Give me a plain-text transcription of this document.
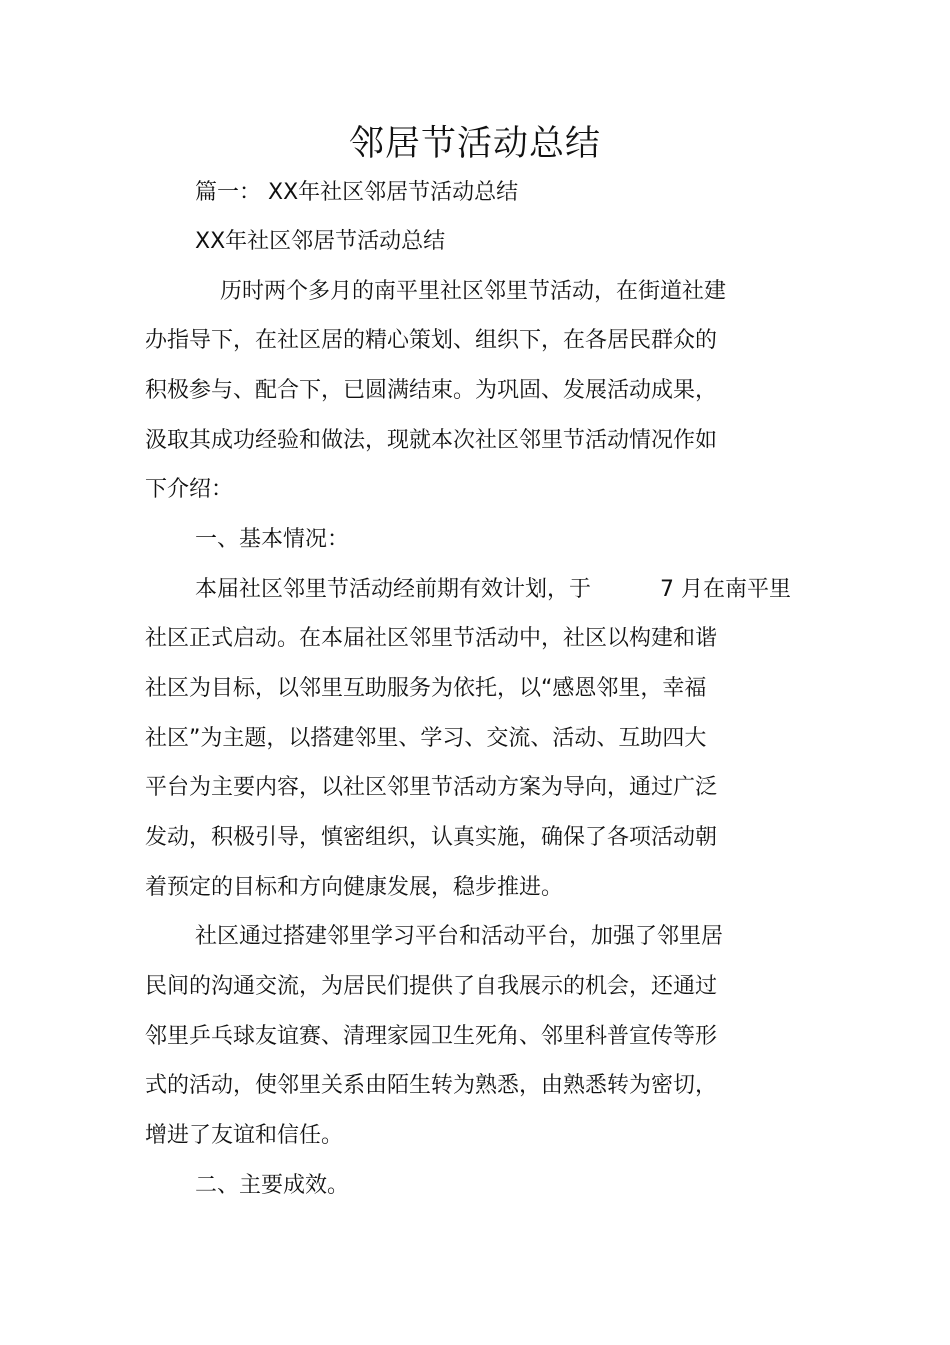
邻居节活动总结
篇一： XX年社区邻居节活动总结
XX年社区邻居节活动总结
历时两个多月的南平里社区邻里节活动，在街道社建
办指导下，在社区居的精心策划、组织下，在各居民群众的
积极参与、配合下，已圆满结束。为巩固、发展活动成果，
汲取其成功经验和做法，现就本次社区邻里节活动情况作如
下介绍：
一、基本情况：
本届社区邻里节活动经前期有效计划，于	7 月在南平里
社区正式启动。在本届社区邻里节活动中，社区以构建和谐
社区为目标，以邻里互助服务为依托，以“感恩邻里，幸福
社区”为主题，以搭建邻里、学习、交流、活动、互助四大
平台为主要内容，以社区邻里节活动方案为导向，通过广泛
发动，积极引导，慎密组织，认真实施，确保了各项活动朝
着预定的目标和方向健康发展，稳步推进。
社区通过搭建邻里学习平台和活动平台，加强了邻里居
民间的沟通交流，为居民们提供了自我展示的机会，还通过
邻里乒乓球友谊赛、清理家园卫生死角、邻里科普宣传等形
式的活动，使邻里关系由陌生转为熟悉，由熟悉转为密切，
增进了友谊和信任。
二、主要成效。
